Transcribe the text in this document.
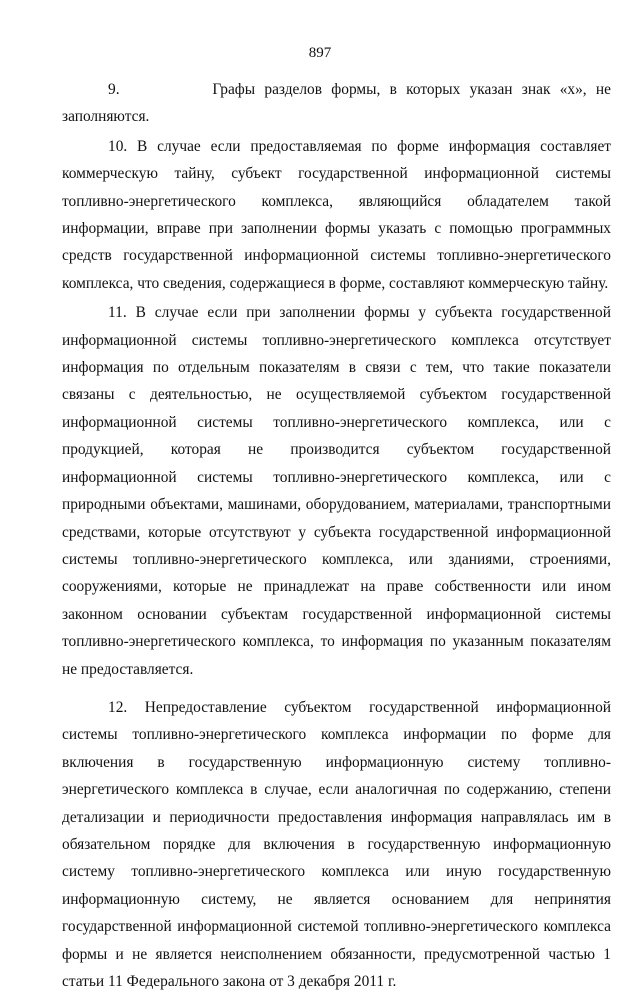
897

9.          Графы разделов формы, в которых указан знак «x», не заполняются.

10. В случае если предоставляемая по форме информация составляет коммерческую тайну, субъект государственной информационной системы топливно-энергетического комплекса, являющийся обладателем такой информации, вправе при заполнении формы указать с помощью программных средств государственной информационной системы топливно-энергетического комплекса, что сведения, содержащиеся в форме, составляют коммерческую тайну.

11. В случае если при заполнении формы у субъекта государственной информационной системы топливно-энергетического комплекса отсутствует информация по отдельным показателям в связи с тем, что такие показатели связаны с деятельностью, не осуществляемой субъектом государственной информационной системы топливно-энергетического комплекса, или с продукцией, которая не производится субъектом государственной информационной системы топливно-энергетического комплекса, или с природными объектами, машинами, оборудованием, материалами, транспортными средствами, которые отсутствуют у субъекта государственной информационной системы топливно-энергетического комплекса, или зданиями, строениями, сооружениями, которые не принадлежат на праве собственности или ином законном основании субъектам государственной информационной системы топливно-энергетического комплекса, то информация по указанным показателям не предоставляется.

12. Непредоставление субъектом государственной информационной системы топливно-энергетического комплекса информации по форме для включения в государственную информационную систему топливно-энергетического комплекса в случае, если аналогичная по содержанию, степени детализации и периодичности предоставления информация направлялась им в обязательном порядке для включения в государственную информационную систему топливно-энергетического комплекса или иную государственную информационную систему, не является основанием для непринятия государственной информационной системой топливно-энергетического комплекса формы и не является неисполнением обязанности, предусмотренной частью 1 статьи 11 Федерального закона от 3 декабря 2011 г.
